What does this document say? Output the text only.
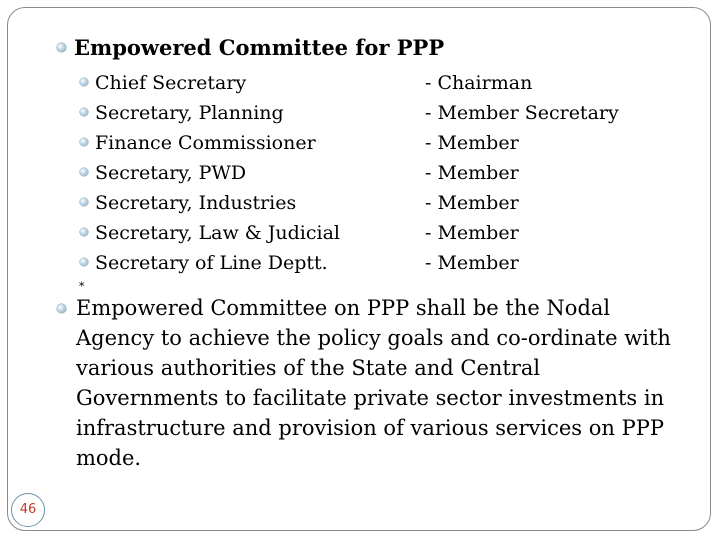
Empowered Committee for PPP
Chief Secretary	- Chairman
Secretary, Planning	- Member Secretary
Finance Commissioner	- Member
Secretary, PWD	- Member
Secretary, Industries	- Member
Secretary, Law & Judicial	- Member
Secretary of Line Deptt.	- Member
*
Empowered Committee on PPP shall be the Nodal Agency to achieve the policy goals and co-ordinate with various authorities of the State and Central Governments to facilitate private sector investments in infrastructure and provision of various services on PPP mode.
46
